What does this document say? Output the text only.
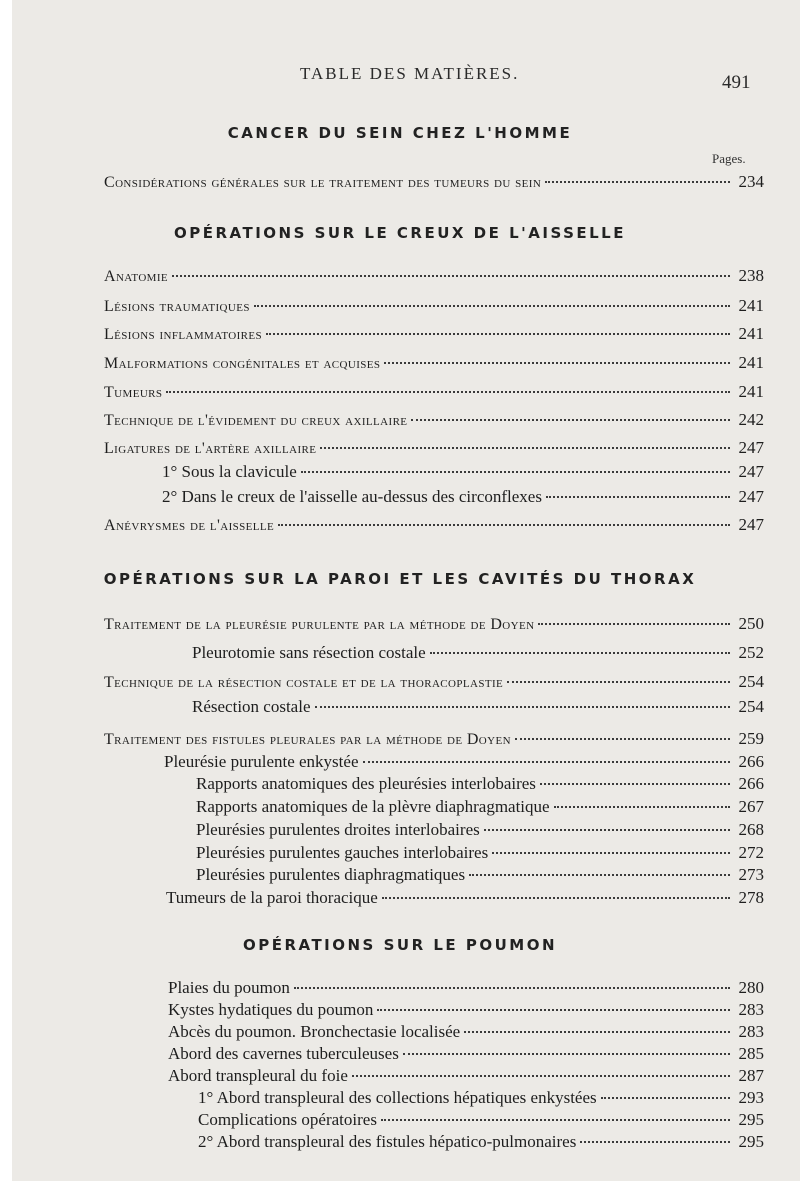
TABLE DES MATIÈRES.	491
CANCER DU SEIN CHEZ L'HOMME
Pages.
Considérations générales sur le traitement des tumeurs du sein	234
OPÉRATIONS SUR LE CREUX DE L'AISSELLE
Anatomie	238
Lésions traumatiques	241
Lésions inflammatoires	241
Malformations congénitales et acquises	241
Tumeurs	241
Technique de l'évidement du creux axillaire	242
Ligatures de l'artère axillaire	247
1° Sous la clavicule	247
2° Dans le creux de l'aisselle au-dessus des circonflexes	247
Anévrysmes de l'aisselle	247
OPÉRATIONS SUR LA PAROI ET LES CAVITÉS DU THORAX
Traitement de la pleurésie purulente par la méthode de Doyen	250
Pleurotomie sans résection costale	252
Technique de la résection costale et de la thoracoplastie	254
Résection costale	254
Traitement des fistules pleurales par la méthode de Doyen	259
Pleurésie purulente enkystée	266
Rapports anatomiques des pleurésies interlobaires	266
Rapports anatomiques de la plèvre diaphragmatique	267
Pleurésies purulentes droites interlobaires	268
Pleurésies purulentes gauches interlobaires	272
Pleurésies purulentes diaphragmatiques	273
Tumeurs de la paroi thoracique	278
OPÉRATIONS SUR LE POUMON
Plaies du poumon	280
Kystes hydatiques du poumon	283
Abcès du poumon. Bronchectasie localisée	283
Abord des cavernes tuberculeuses	285
Abord transpleural du foie	287
1° Abord transpleural des collections hépatiques enkystées	293
Complications opératoires	295
2° Abord transpleural des fistules hépatico-pulmonaires	295
